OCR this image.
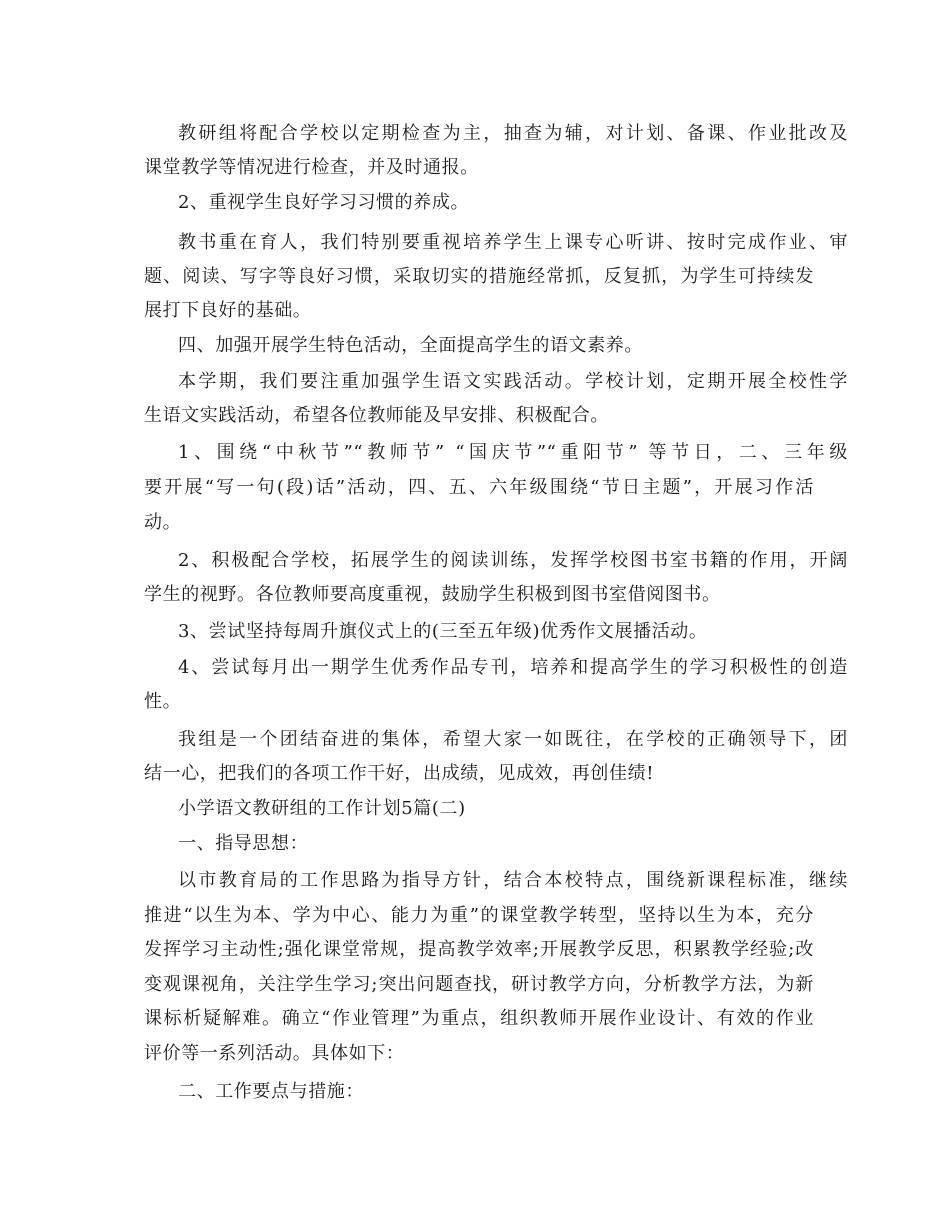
教研组将配合学校以定期检查为主，抽查为辅，对计划、备课、作业批改及

课堂教学等情况进行检查，并及时通报。

2、重视学生良好学习习惯的养成。

教书重在育人，我们特别要重视培养学生上课专心听讲、按时完成作业、审

题、阅读、写字等良好习惯，采取切实的措施经常抓，反复抓，为学生可持续发

展打下良好的基础。

四、加强开展学生特色活动，全面提高学生的语文素养。

本学期，我们要注重加强学生语文实践活动。学校计划，定期开展全校性学

生语文实践活动，希望各位教师能及早安排、积极配合。

1、围绕“中秋节”“教师节” “国庆节”“重阳节” 等节日，二、三年级

要开展“写一句(段)话”活动，四、五、六年级围绕“节日主题”，开展习作活

动。

2、积极配合学校，拓展学生的阅读训练，发挥学校图书室书籍的作用，开阔

学生的视野。各位教师要高度重视，鼓励学生积极到图书室借阅图书。

3、尝试坚持每周升旗仪式上的(三至五年级)优秀作文展播活动。

4、尝试每月出一期学生优秀作品专刊，培养和提高学生的学习积极性的创造

性。

我组是一个团结奋进的集体，希望大家一如既往，在学校的正确领导下，团

结一心，把我们的各项工作干好，出成绩，见成效，再创佳绩!

小学语文教研组的工作计划5篇(二)

一、指导思想：

以市教育局的工作思路为指导方针，结合本校特点，围绕新课程标准，继续

推进“以生为本、学为中心、能力为重”的课堂教学转型，坚持以生为本，充分

发挥学习主动性;强化课堂常规，提高教学效率;开展教学反思，积累教学经验;改

变观课视角，关注学生学习;突出问题查找，研讨教学方向，分析教学方法，为新

课标析疑解难。确立“作业管理”为重点，组织教师开展作业设计、有效的作业

评价等一系列活动。具体如下：

二、工作要点与措施：
